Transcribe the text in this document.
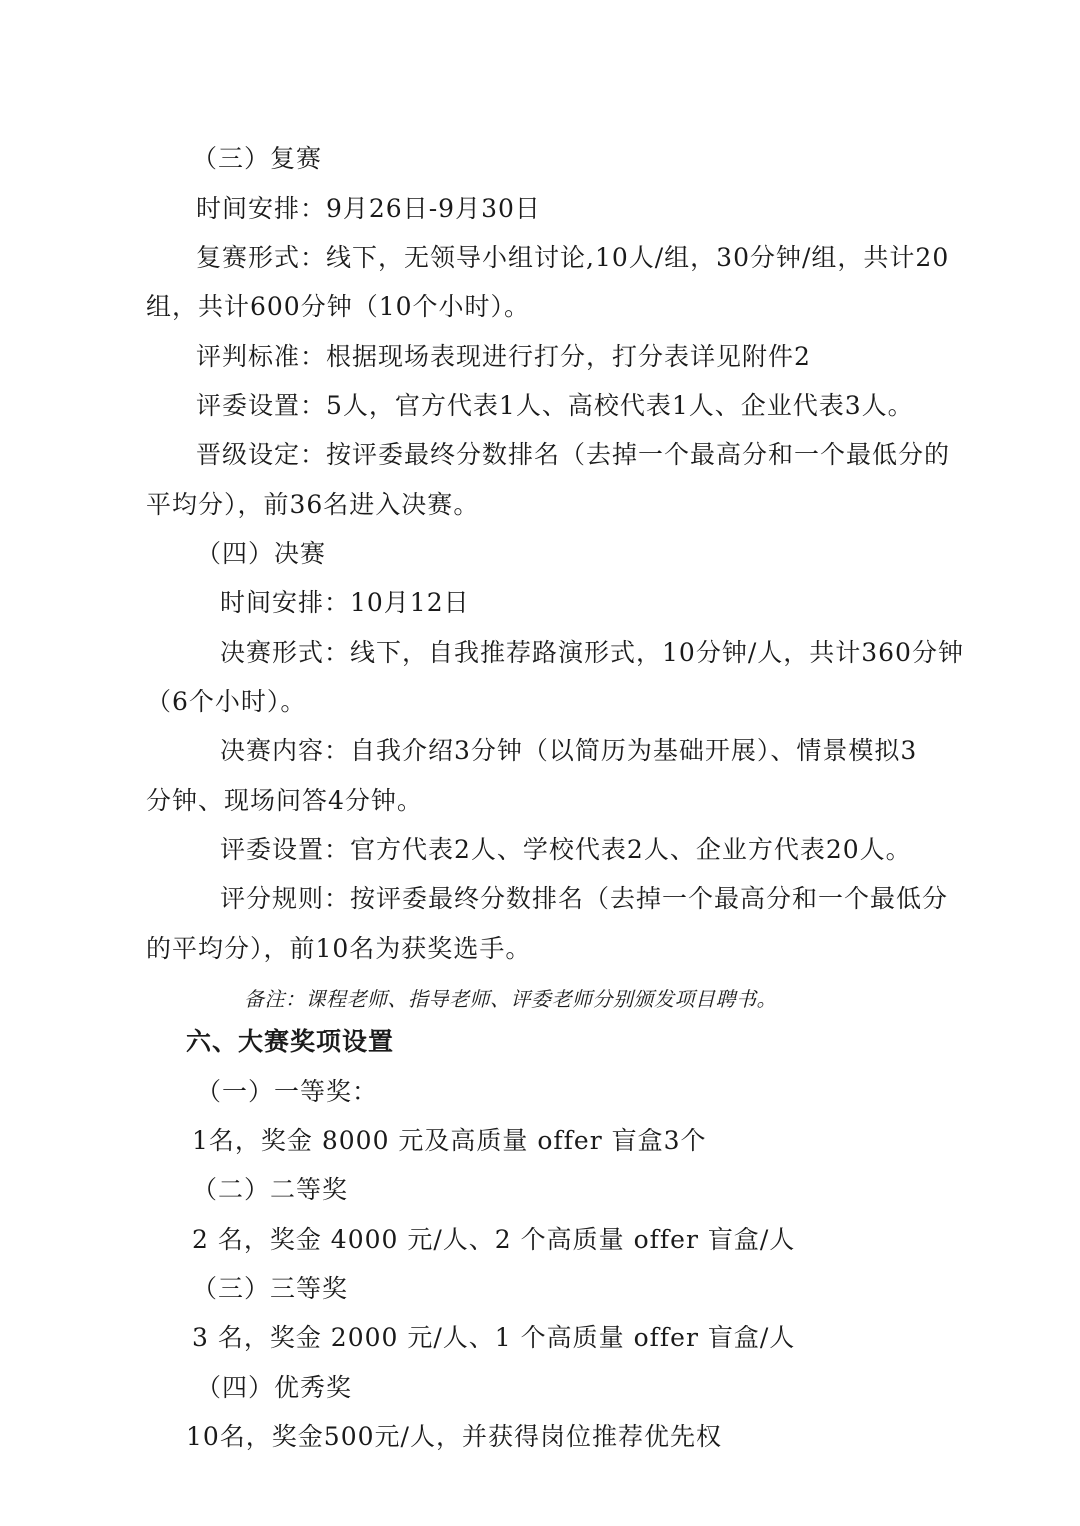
（三）复赛
时间安排：9月26日-9月30日
复赛形式：线下，无领导小组讨论,10人/组，30分钟/组，共计20
组，共计600分钟（10个小时）。
评判标准：根据现场表现进行打分，打分表详见附件2
评委设置：5人，官方代表1人、高校代表1人、企业代表3人。
晋级设定：按评委最终分数排名（去掉一个最高分和一个最低分的
平均分），前36名进入决赛。
（四）决赛
时间安排：10月12日
决赛形式：线下，自我推荐路演形式，10分钟/人，共计360分钟
（6个小时）。
决赛内容：自我介绍3分钟（以简历为基础开展）、情景模拟3
分钟、现场问答4分钟。
评委设置：官方代表2人、学校代表2人、企业方代表20人。
评分规则：按评委最终分数排名（去掉一个最高分和一个最低分
的平均分），前10名为获奖选手。
备注：课程老师、指导老师、评委老师分别颁发项目聘书。
六、大赛奖项设置
（一）一等奖：
1名，奖金 8000 元及高质量 offer 盲盒3个
（二）二等奖
2 名，奖金 4000 元/人、2 个高质量 offer 盲盒/人
（三）三等奖
3 名，奖金 2000 元/人、1 个高质量 offer 盲盒/人
（四）优秀奖
10名，奖金500元/人，并获得岗位推荐优先权
